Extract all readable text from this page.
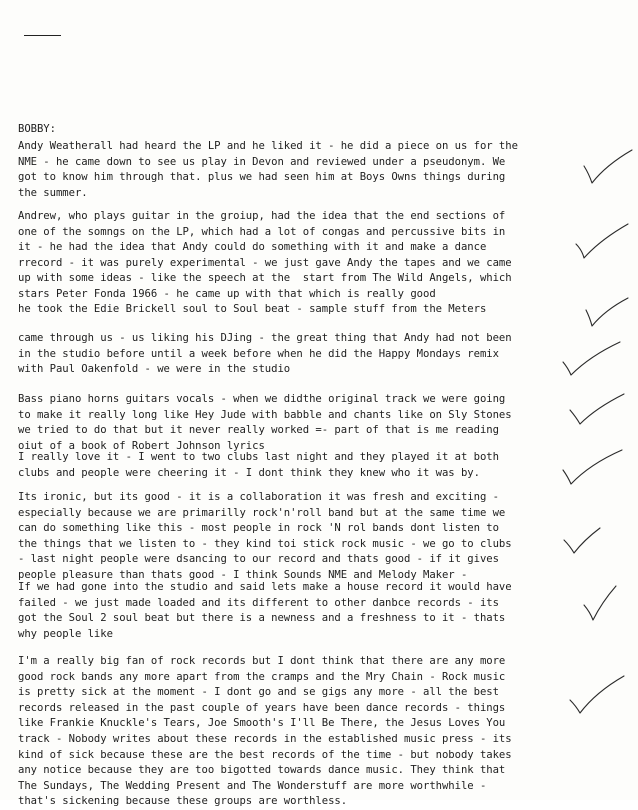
BOBBY:
Andy Weatherall had heard the LP and he liked it - he did a piece on us for the
NME - he came down to see us play in Devon and reviewed under a pseudonym. We
got to know him through that. plus we had seen him at Boys Owns things during
the summer.
Andrew, who plays guitar in the groiup, had the idea that the end sections of
one of the somngs on the LP, which had a lot of congas and percussive bits in
it - he had the idea that Andy could do something with it and make a dance
rrecord - it was purely experimental - we just gave Andy the tapes and we came
up with some ideas - like the speech at the  start from The Wild Angels, which
stars Peter Fonda 1966 - he came up with that which is really good
he took the Edie Brickell soul to Soul beat - sample stuff from the Meters
came through us - us liking his DJing - the great thing that Andy had not been
in the studio before until a week before when he did the Happy Mondays remix
with Paul Oakenfold - we were in the studio
Bass piano horns guitars vocals - when we didthe original track we were going
to make it really long like Hey Jude with babble and chants like on Sly Stones
we tried to do that but it never really worked =- part of that is me reading
oiut of a book of Robert Johnson lyrics
I really love it - I went to two clubs last night and they played it at both
clubs and people were cheering it - I dont think they knew who it was by.
Its ironic, but its good - it is a collaboration it was fresh and exciting -
especially because we are primarilly rock'n'roll band but at the same time we
can do something like this - most people in rock 'N rol bands dont listen to
the things that we listen to - they kind toi stick rock music - we go to clubs
- last night people were dsancing to our record and thats good - if it gives
people pleasure than thats good - I think Sounds NME and Melody Maker -
If we had gone into the studio and said lets make a house record it would have
failed - we just made loaded and its different to other danbce records - its
got the Soul 2 soul beat but there is a newness and a freshness to it - thats
why people like
I'm a really big fan of rock records but I dont think that there are any more
good rock bands any more apart from the cramps and the Mry Chain - Rock music
is pretty sick at the moment - I dont go and se gigs any more - all the best
records released in the past couple of years have been dance records - things
like Frankie Knuckle's Tears, Joe Smooth's I'll Be There, the Jesus Loves You
track - Nobody writes about these records in the established music press - its
kind of sick because these are the best records of the time - but nobody takes
any notice because they are too bigotted towards dance music. They think that
The Sundays, The Wedding Present and The Wonderstuff are more worthwhile -
that's sickening because these groups are worthless.
